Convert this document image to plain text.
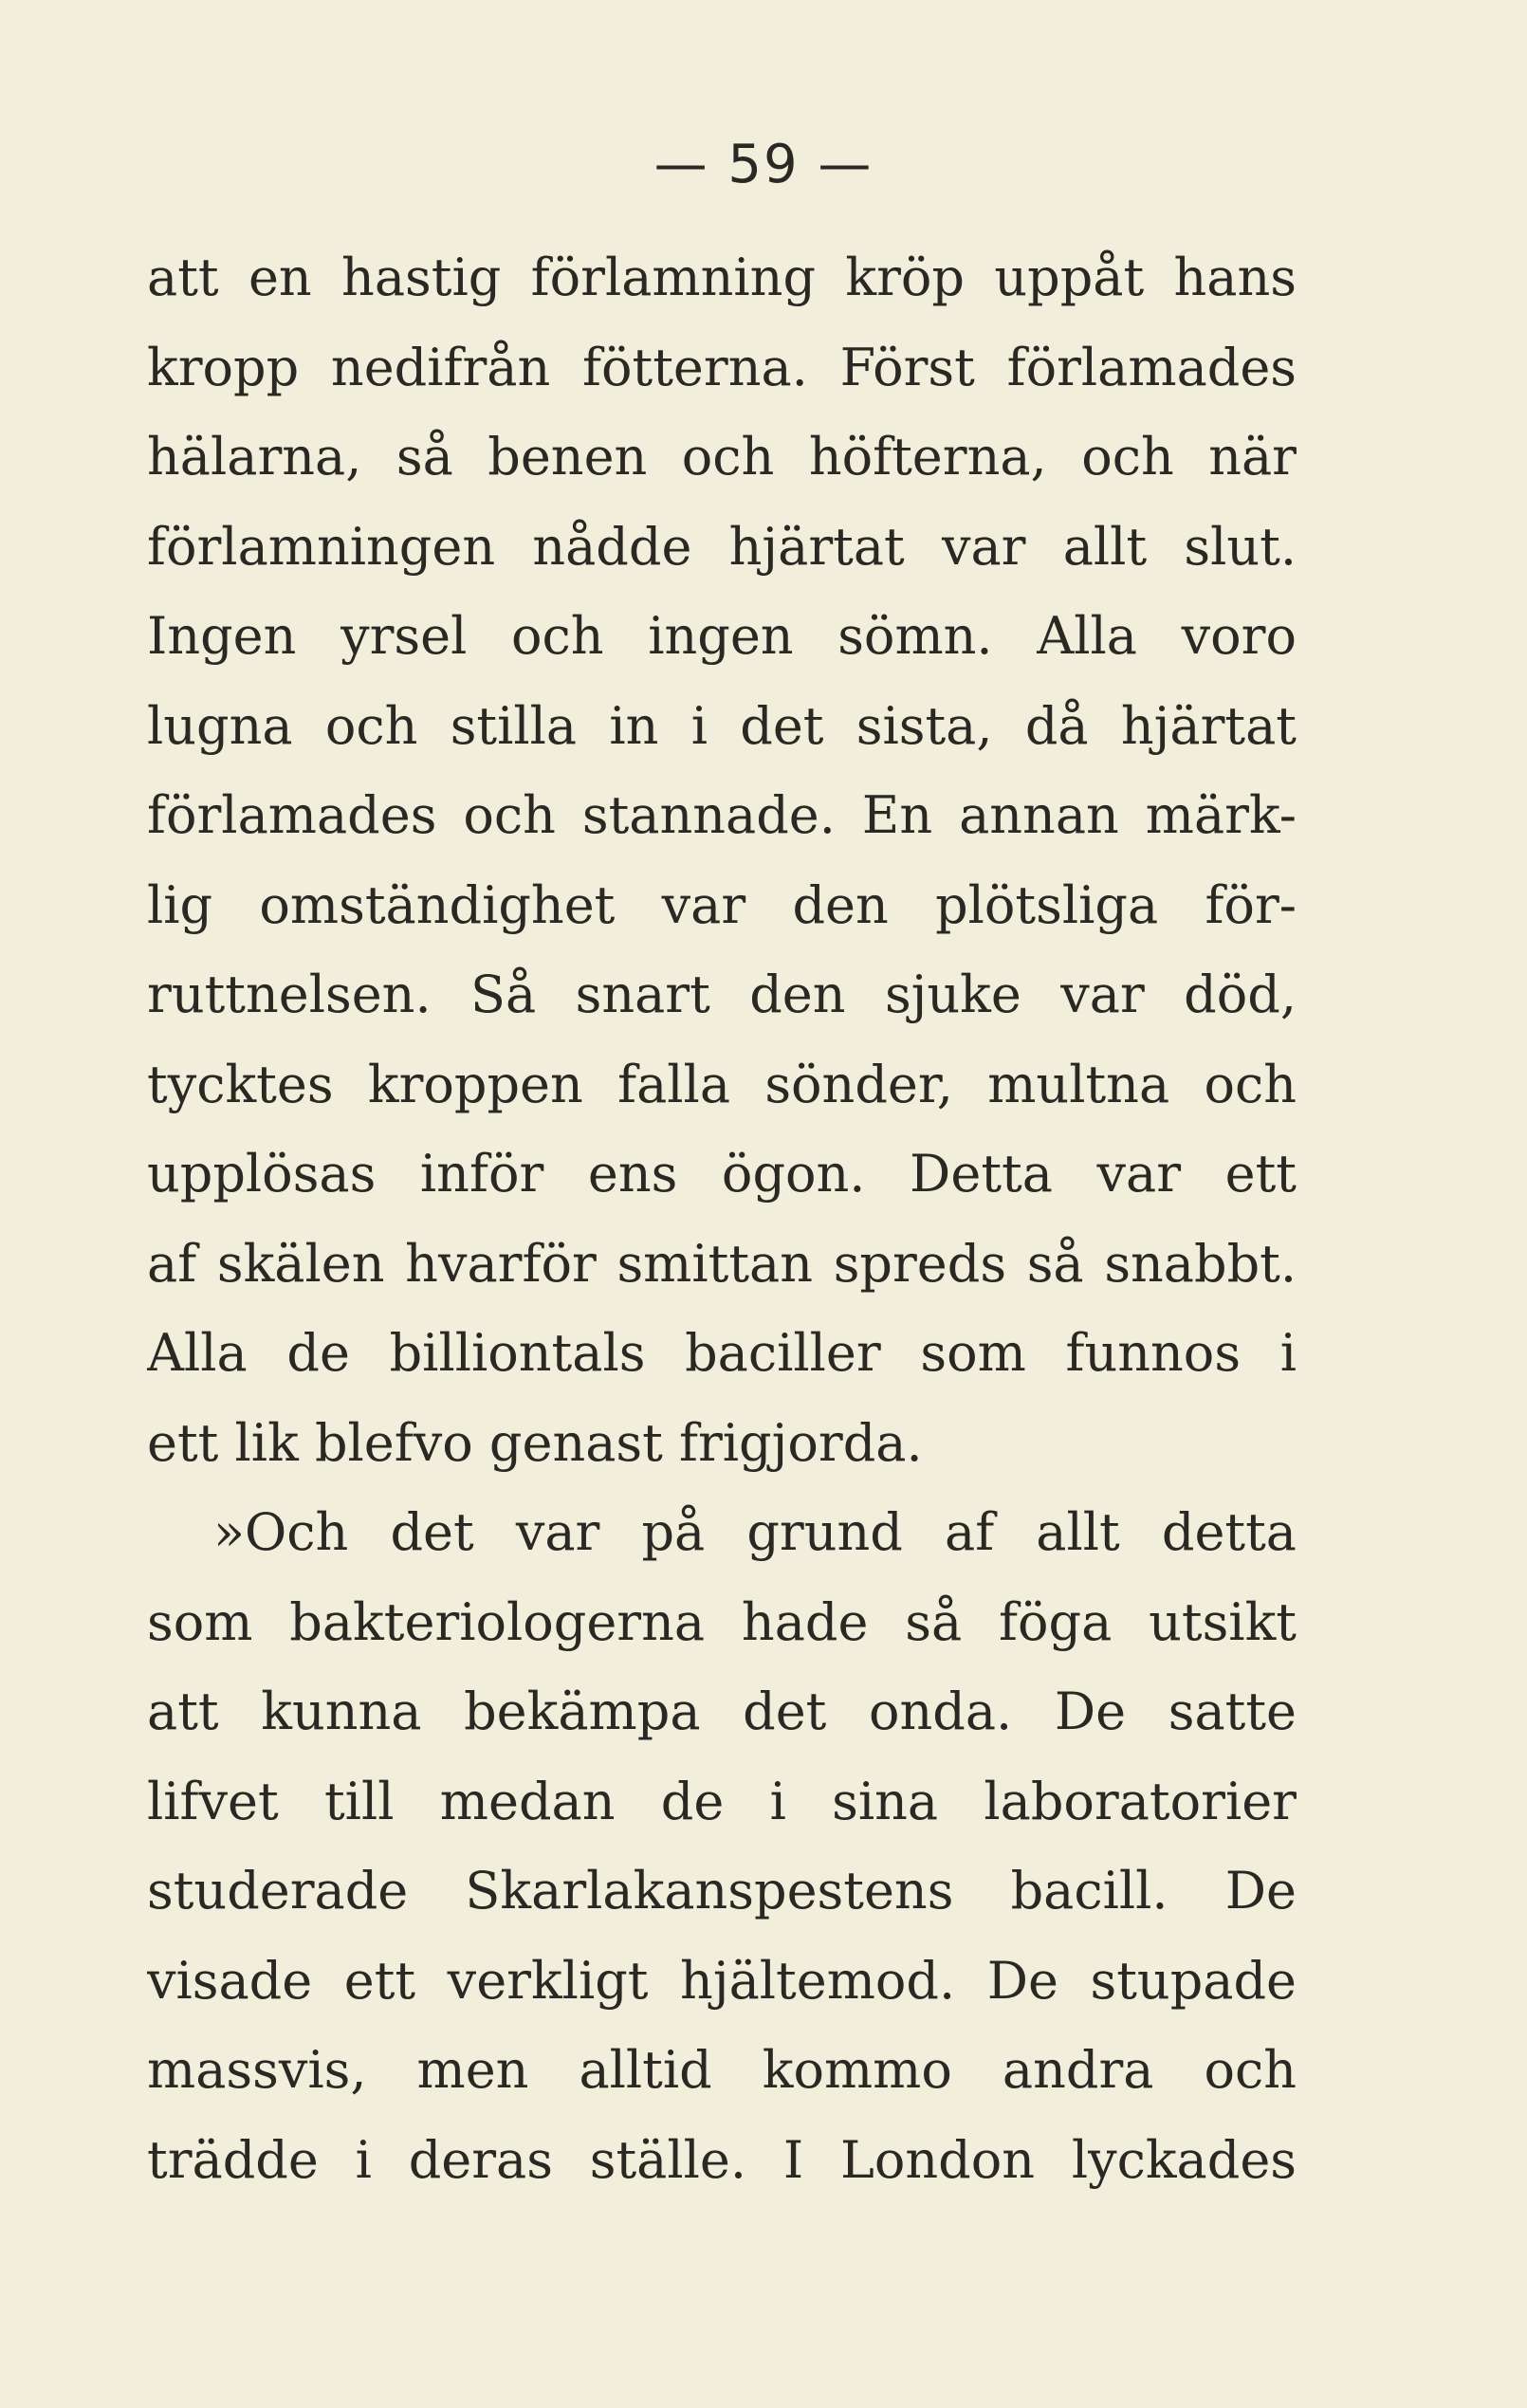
— 59 —
att en hastig förlamning kröp uppåt hans
kropp nedifrån fötterna. Först förlamades
hälarna, så benen och höfterna, och när
förlamningen nådde hjärtat var allt slut.
Ingen yrsel och ingen sömn. Alla voro
lugna och stilla in i det sista, då hjärtat
förlamades och stannade. En annan märk-
lig omständighet var den plötsliga för-
ruttnelsen. Så snart den sjuke var död,
tycktes kroppen falla sönder, multna och
upplösas inför ens ögon. Detta var ett
af skälen hvarför smittan spreds så snabbt.
Alla de billiontals baciller som funnos i
ett lik blefvo genast frigjorda.
»Och det var på grund af allt detta
som bakteriologerna hade så föga utsikt
att kunna bekämpa det onda. De satte
lifvet till medan de i sina laboratorier
studerade Skarlakanspestens bacill. De
visade ett verkligt hjältemod. De stupade
massvis, men alltid kommo andra och
trädde i deras ställe. I London lyckades
